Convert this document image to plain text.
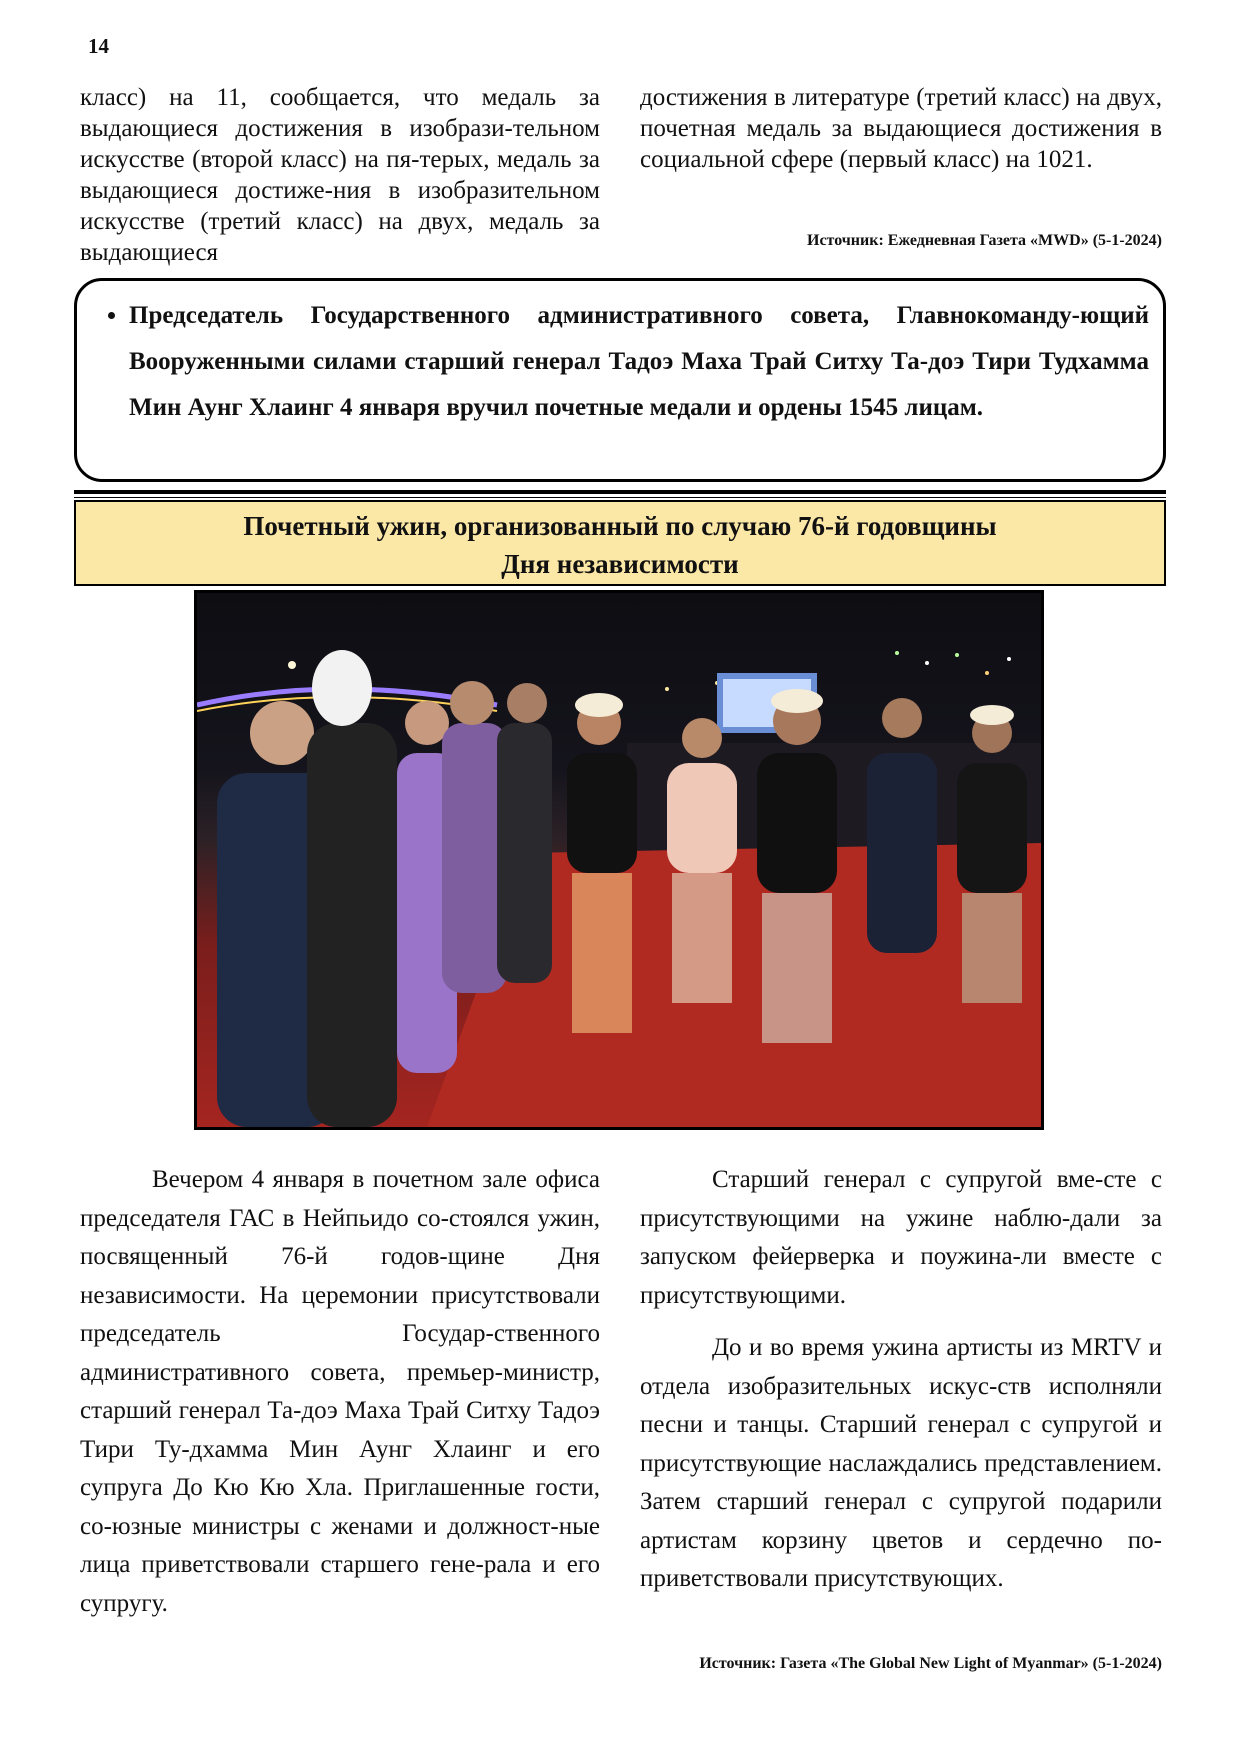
14

класс) на 11, сообщается, что медаль за выдающиеся достижения в изобрази-тельном искусстве (второй класс) на пя-терых, медаль за выдающиеся достиже-ния в изобразительном искусстве (третий класс) на двух, медаль за выдающиеся

достижения в литературе (третий класс) на двух, почетная медаль за выдающиеся достижения в социальной сфере (первый класс) на 1021.

Источник: Ежедневная Газета «MWD» (5-1-2024)
• Председатель Государственного административного совета, Главнокоманду-ющий Вооруженными силами старший генерал Тадоэ Маха Трай Ситху Та-доэ Тири Тудхамма Мин Аунг Хлаинг 4 января вручил почетные медали и ордены 1545 лицам.
Почетный ужин, организованный по случаю 76-й годовщины
Дня независимости

Вечером 4 января в почетном зале офиса председателя ГАС в Нейпьидо со-стоялся ужин, посвященный 76-й годов-щине Дня независимости. На церемонии присутствовали председатель Государ-ственного административного совета, премьер-министр, старший генерал Та-доэ Маха Трай Ситху Тадоэ Тири Ту-дхамма Мин Аунг Хлаинг и его супруга До Кю Кю Хла. Приглашенные гости, со-юзные министры с женами и должност-ные лица приветствовали старшего гене-рала и его супругу.

Старший генерал с супругой вме-сте с присутствующими на ужине наблю-дали за запуском фейерверка и поужина-ли вместе с присутствующими.

До и во время ужина артисты из MRTV и отдела изобразительных искус-ств исполняли песни и танцы. Старший генерал с супругой и присутствующие наслаждались представлением. Затем старший генерал с супругой подарили артистам корзину цветов и сердечно по-приветствовали присутствующих.

Источник: Газета «The Global New Light of Myanmar» (5-1-2024)
